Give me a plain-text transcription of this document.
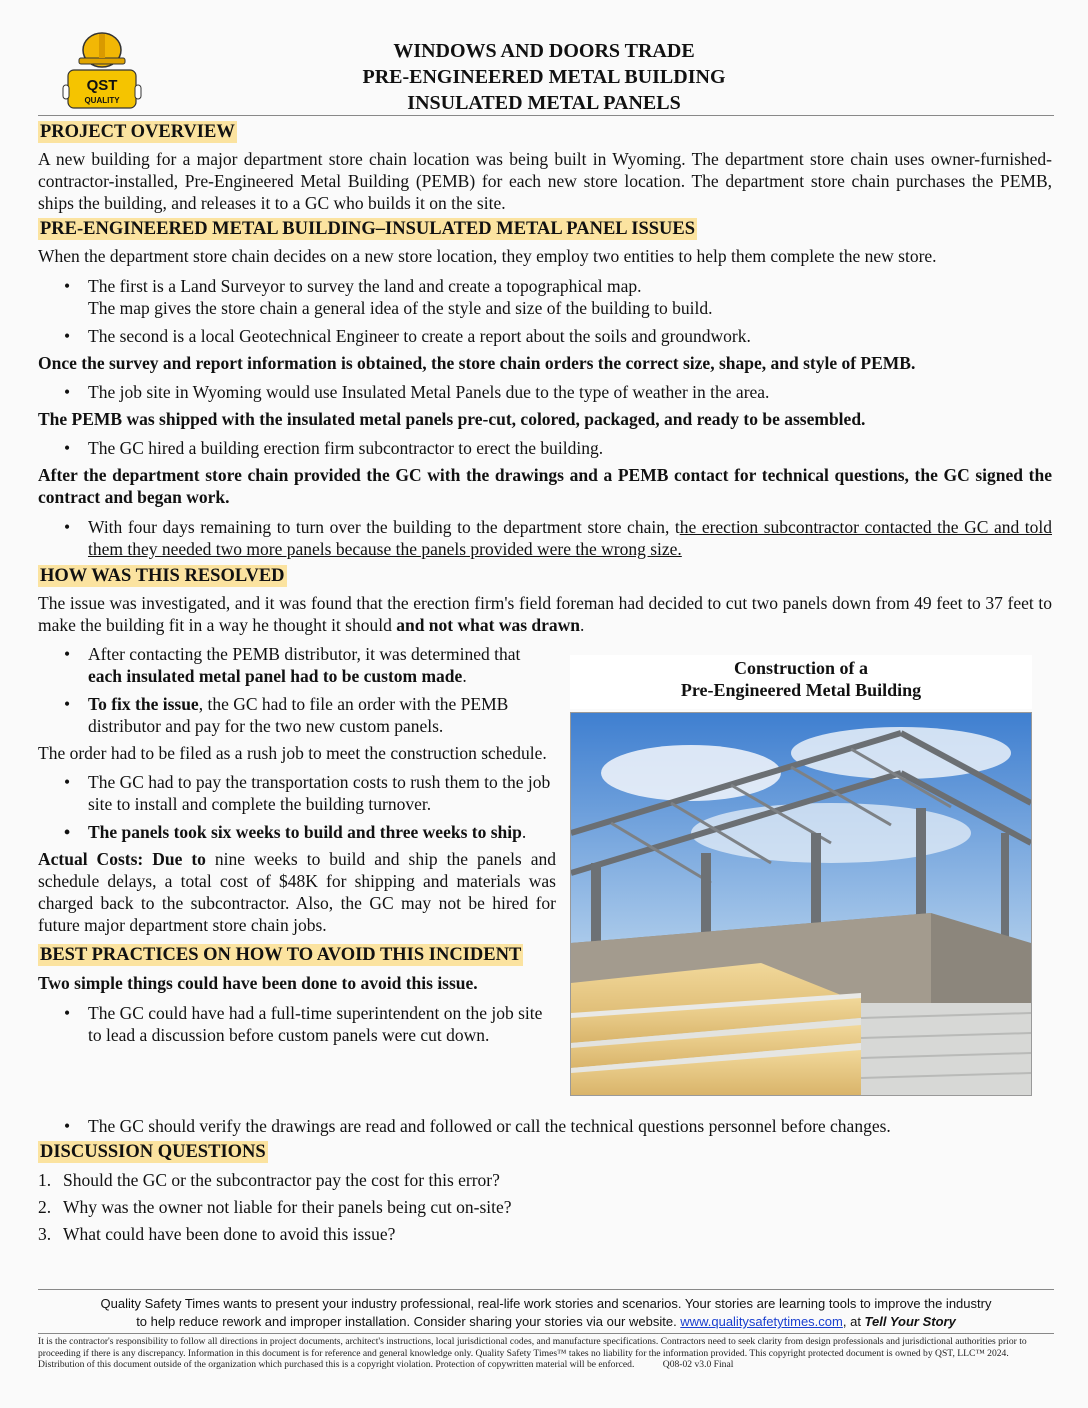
QST
QUALITY
WINDOWS AND DOORS TRADE
PRE-ENGINEERED METAL BUILDING
INSULATED METAL PANELS
PROJECT OVERVIEW
A new building for a major department store chain location was being built in Wyoming. The department store chain uses owner-furnished-contractor-installed, Pre-Engineered Metal Building (PEMB) for each new store location. The department store chain purchases the PEMB, ships the building, and releases it to a GC who builds it on the site.
PRE-ENGINEERED METAL BUILDING–INSULATED METAL PANEL ISSUES
When the department store chain decides on a new store location, they employ two entities to help them complete the new store.
• The first is a Land Surveyor to survey the land and create a topographical map.
The map gives the store chain a general idea of the style and size of the building to build.
• The second is a local Geotechnical Engineer to create a report about the soils and groundwork.
Once the survey and report information is obtained, the store chain orders the correct size, shape, and style of PEMB.
• The job site in Wyoming would use Insulated Metal Panels due to the type of weather in the area.
The PEMB was shipped with the insulated metal panels pre-cut, colored, packaged, and ready to be assembled.
• The GC hired a building erection firm subcontractor to erect the building.
After the department store chain provided the GC with the drawings and a PEMB contact for technical questions, the GC signed the contract and began work.
• With four days remaining to turn over the building to the department store chain, the erection subcontractor contacted the GC and told them they needed two more panels because the panels provided were the wrong size.
HOW WAS THIS RESOLVED
The issue was investigated, and it was found that the erection firm's field foreman had decided to cut two panels down from 49 feet to 37 feet to make the building fit in a way he thought it should and not what was drawn.
• After contacting the PEMB distributor, it was determined that each insulated metal panel had to be custom made.
• To fix the issue, the GC had to file an order with the PEMB distributor and pay for the two new custom panels.
The order had to be filed as a rush job to meet the construction schedule.
• The GC had to pay the transportation costs to rush them to the job site to install and complete the building turnover.
• The panels took six weeks to build and three weeks to ship.
Actual Costs: Due to nine weeks to build and ship the panels and schedule delays, a total cost of $48K for shipping and materials was charged back to the subcontractor. Also, the GC may not be hired for future major department store chain jobs.
BEST PRACTICES ON HOW TO AVOID THIS INCIDENT
Two simple things could have been done to avoid this issue.
• The GC could have had a full-time superintendent on the job site to lead a discussion before custom panels were cut down.
Construction of a
Pre-Engineered Metal Building
• The GC should verify the drawings are read and followed or call the technical questions personnel before changes.
DISCUSSION QUESTIONS
1. Should the GC or the subcontractor pay the cost for this error?
2. Why was the owner not liable for their panels being cut on-site?
3. What could have been done to avoid this issue?
Quality Safety Times wants to present your industry professional, real-life work stories and scenarios. Your stories are learning tools to improve the industry
to help reduce rework and improper installation. Consider sharing your stories via our website. www.qualitysafetytimes.com, at Tell Your Story
It is the contractor's responsibility to follow all directions in project documents, architect's instructions, local jurisdictional codes, and manufacture specifications. Contractors need to seek clarity from design professionals and jurisdictional authorities prior to proceeding if there is any discrepancy. Information in this document is for reference and general knowledge only. Quality Safety Times™ takes no liability for the information provided. This copyright protected document is owned by QST, LLC™ 2024. Distribution of this document outside of the organization which purchased this is a copyright violation. Protection of copywritten material will be enforced.	Q08-02 v3.0 Final
